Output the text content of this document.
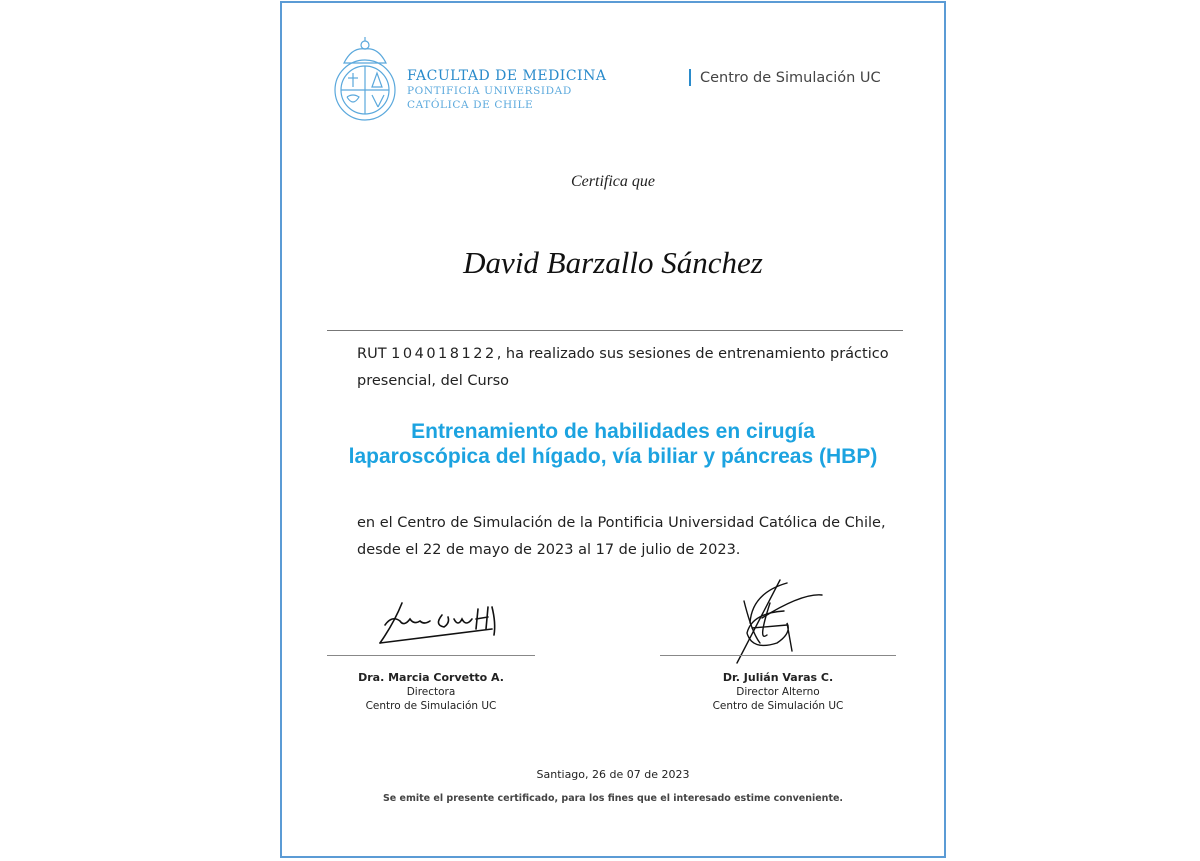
FACULTAD DE MEDICINA
PONTIFICIA UNIVERSIDAD
CATÓLICA DE CHILE
Centro de Simulación UC
Certifica que
David Barzallo Sánchez
RUT 104018122, ha realizado sus sesiones de entrenamiento práctico presencial, del Curso
Entrenamiento de habilidades en cirugía
laparoscópica del hígado, vía biliar y páncreas (HBP)
en el Centro de Simulación de la Pontificia Universidad Católica de Chile, desde el 22 de mayo de 2023 al 17 de julio de 2023.
Dra. Marcia Corvetto A.
Directora
Centro de Simulación UC
Dr. Julián Varas C.
Director Alterno
Centro de Simulación UC
Santiago, 26 de 07 de 2023
Se emite el presente certificado, para los fines que el interesado estime conveniente.
